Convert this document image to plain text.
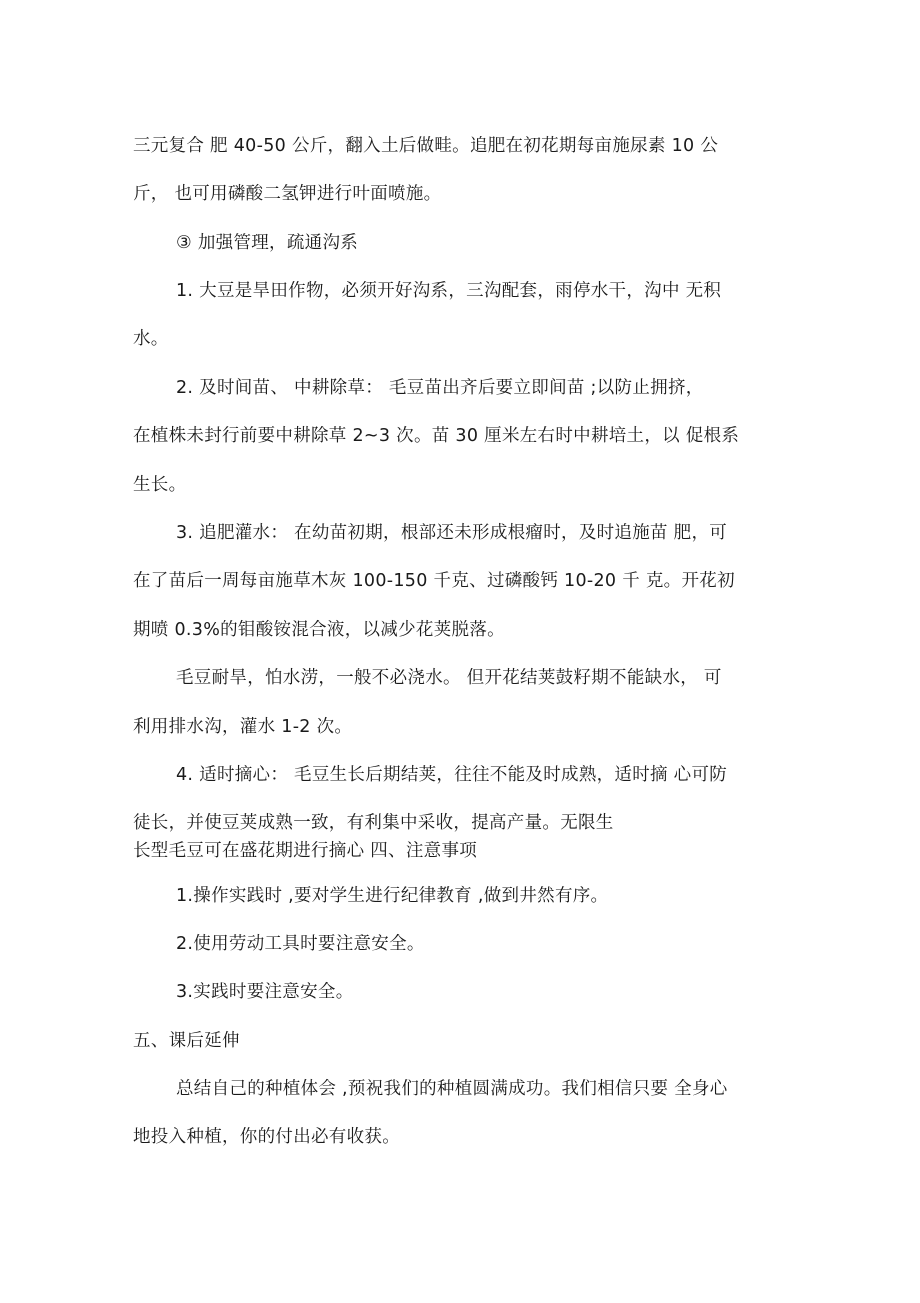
三元复合 肥 40-50 公斤，翻入土后做畦。追肥在初花期每亩施尿素 10 公

斤， 也可用磷酸二氢钾进行叶面喷施。

③ 加强管理，疏通沟系

1. 大豆是旱田作物，必须开好沟系，三沟配套，雨停水干，沟中 无积

水。

2. 及时间苗、 中耕除草： 毛豆苗出齐后要立即间苗 ;以防止拥挤，

在植株未封行前要中耕除草 2~3 次。苗 30 厘米左右时中耕培土，以 促根系

生长。

3. 追肥灌水： 在幼苗初期，根部还未形成根瘤时，及时追施苗 肥，可

在了苗后一周每亩施草木灰 100-150 千克、过磷酸钙 10-20 千 克。开花初

期喷 0.3%的钼酸铵混合液，以减少花荚脱落。

毛豆耐旱，怕水涝，一般不必浇水。 但开花结荚鼓籽期不能缺水， 可

利用排水沟，灌水 1-2 次。

4. 适时摘心： 毛豆生长后期结荚，往往不能及时成熟，适时摘 心可防

徒长，并使豆荚成熟一致，有利集中采收，提高产量。无限生

长型毛豆可在盛花期进行摘心 四、注意事项

1.操作实践时 ,要对学生进行纪律教育 ,做到井然有序。

2.使用劳动工具时要注意安全。

3.实践时要注意安全。

五、课后延伸

总结自己的种植体会 ,预祝我们的种植圆满成功。我们相信只要 全身心

地投入种植，你的付出必有收获。
